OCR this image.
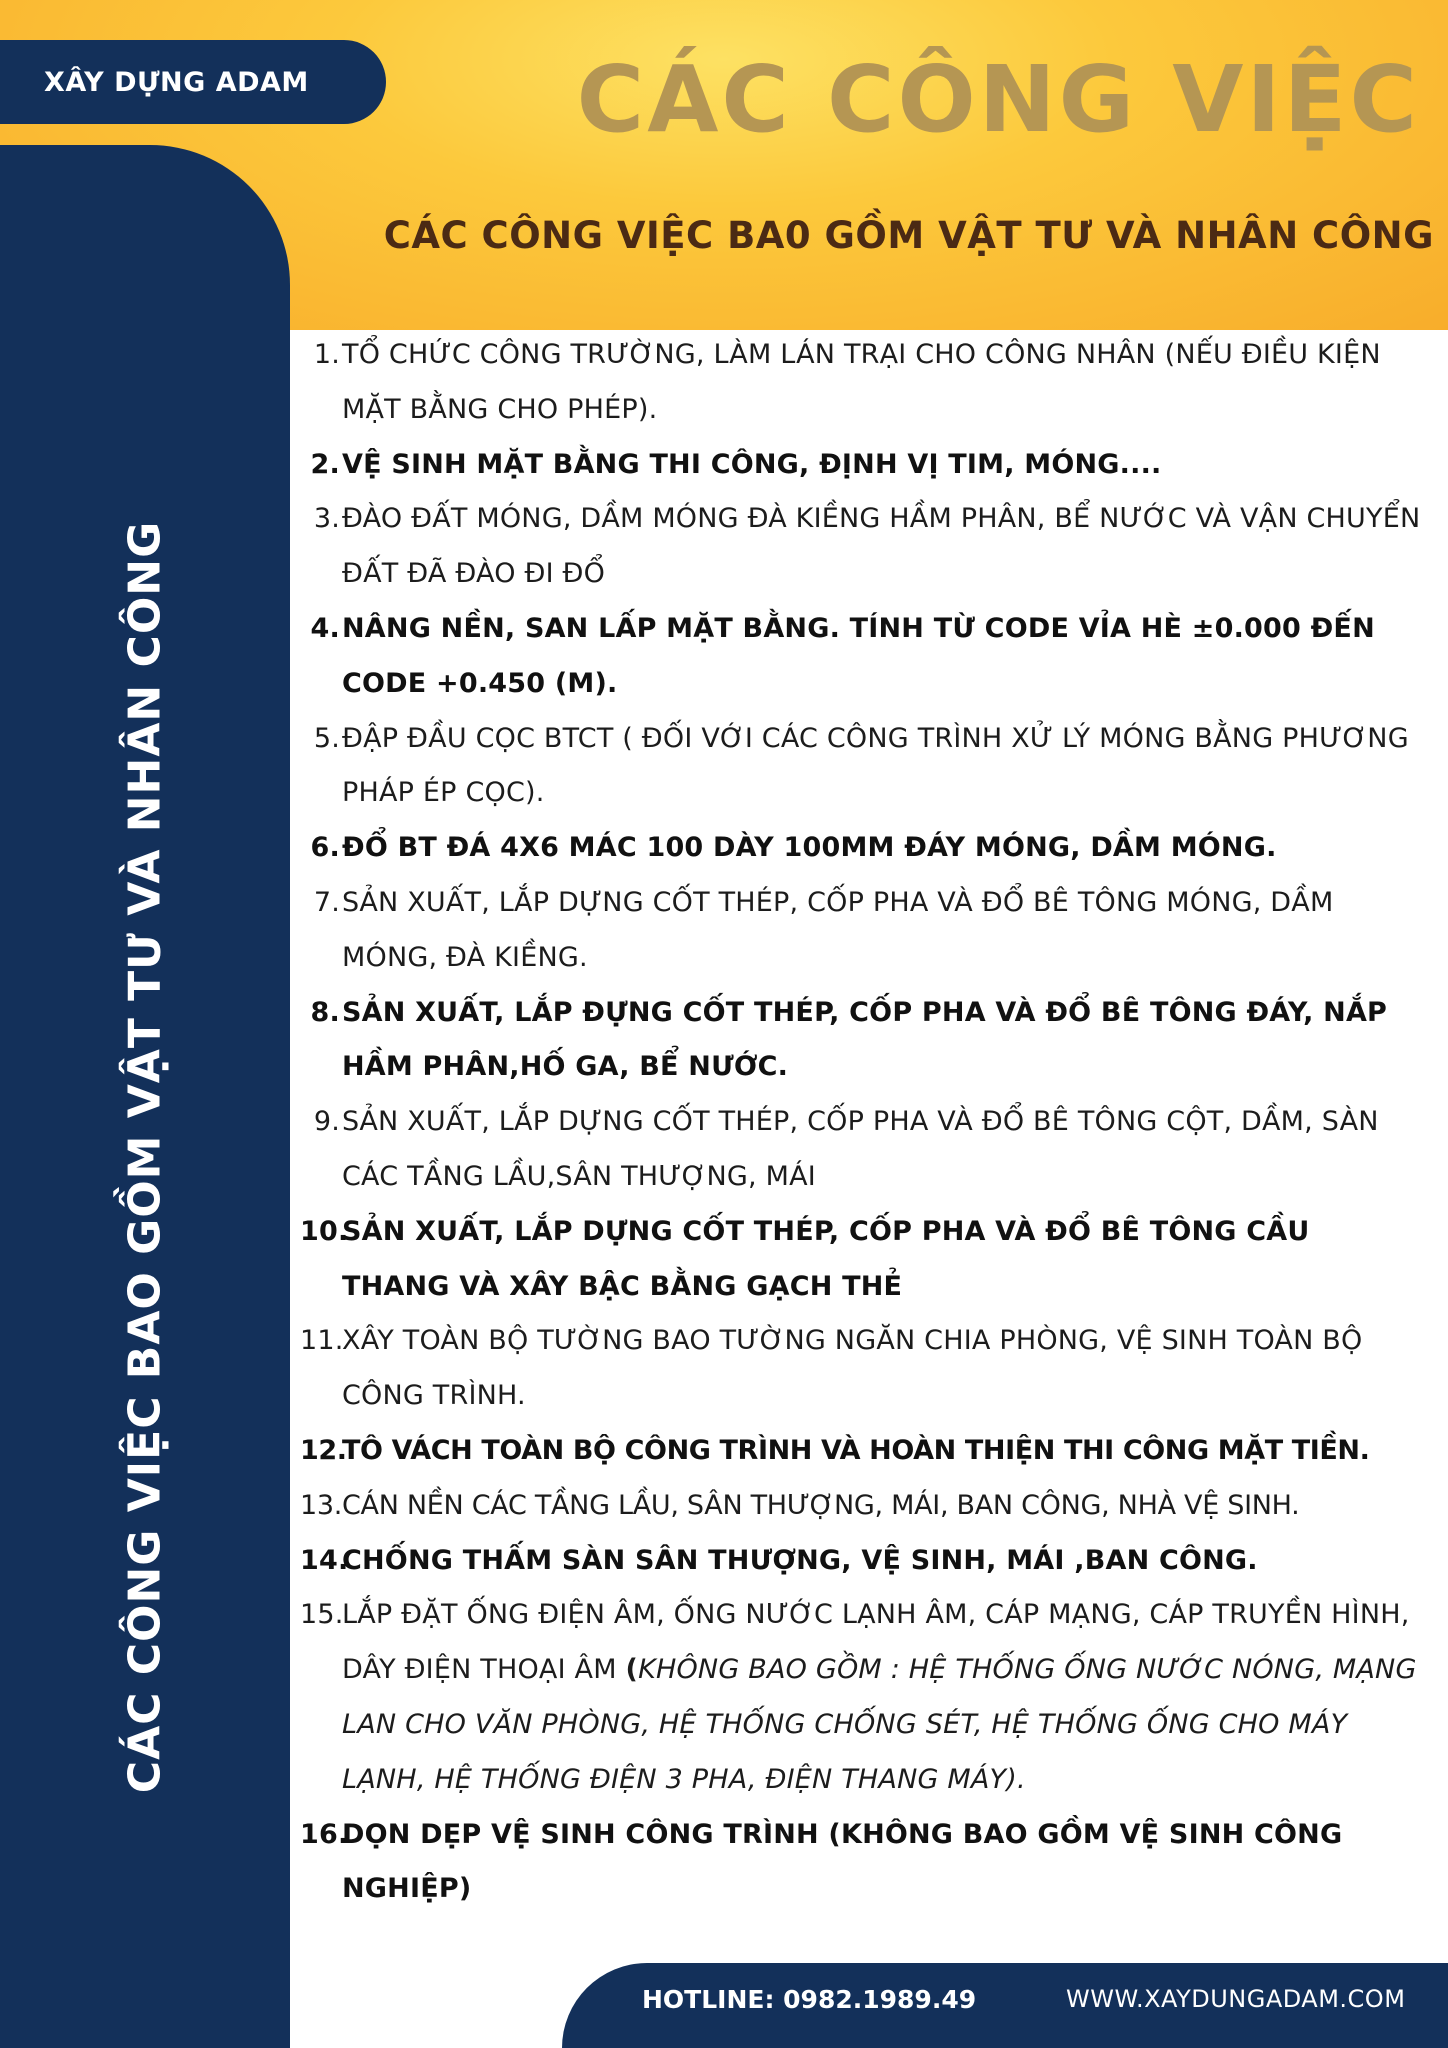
XÂY DỰNG ADAM	CÁC CÔNG VIỆC
CÁC CÔNG VIỆC BA0 GỒM VẬT TƯ VÀ NHÂN CÔNG
CÁC CÔNG VIỆC BAO GỒM VẬT TƯ VÀ NHÂN CÔNG
1. TỔ CHỨC CÔNG TRƯỜNG, LÀM LÁN TRẠI CHO CÔNG NHÂN (NẾU ĐIỀU KIỆN MẶT BẰNG CHO PHÉP).
2. VỆ SINH MẶT BẰNG THI CÔNG, ĐỊNH VỊ TIM, MÓNG....
3. ĐÀO ĐẤT MÓNG, DẦM MÓNG ĐÀ KIỀNG HẦM PHÂN, BỂ NƯỚC VÀ VẬN CHUYỂN ĐẤT ĐÃ ĐÀO ĐI ĐỔ
4. NÂNG NỀN, SAN LẤP MẶT BẰNG. TÍNH TỪ CODE VỈA HÈ ±0.000 ĐẾN CODE +0.450 (M).
5. ĐẬP ĐẦU CỌC BTCT ( ĐỐI VỚI CÁC CÔNG TRÌNH XỬ LÝ MÓNG BẰNG PHƯƠNG PHÁP ÉP CỌC).
6. ĐỔ BT ĐÁ 4X6 MÁC 100 DÀY 100MM ĐÁY MÓNG, DẦM MÓNG.
7. SẢN XUẤT, LẮP DỰNG CỐT THÉP, CỐP PHA VÀ ĐỔ BÊ TÔNG MÓNG, DẦM MÓNG, ĐÀ KIỀNG.
8. SẢN XUẤT, LẮP ĐỰNG CỐT THÉP, CỐP PHA VÀ ĐỔ BÊ TÔNG ĐÁY, NẮP HẦM PHÂN,HỐ GA, BỂ NƯỚC.
9. SẢN XUẤT, LẮP DỰNG CỐT THÉP, CỐP PHA VÀ ĐỔ BÊ TÔNG CỘT, DẦM, SÀN CÁC TẦNG LẦU,SÂN THƯỢNG, MÁI
10.
SẢN XUẤT, LẮP DỰNG CỐT THÉP, CỐP PHA VÀ ĐỔ BÊ TÔNG CẦU THANG VÀ XÂY BẬC BẰNG GẠCH THẺ
11.
XÂY TOÀN BỘ TƯỜNG BAO TƯỜNG NGĂN CHIA PHÒNG, VỆ SINH TOÀN BỘ CÔNG TRÌNH.
12.
TÔ VÁCH TOÀN BỘ CÔNG TRÌNH VÀ HOÀN THIỆN THI CÔNG MẶT TIỀN.
13. CÁN NỀN CÁC TẦNG LẦU, SÂN THƯỢNG, MÁI, BAN CÔNG, NHÀ VỆ SINH.
14.
CHỐNG THẤM SÀN SÂN THƯỢNG, VỆ SINH, MÁI ,BAN CÔNG.
15.
LẮP ĐẶT ỐNG ĐIỆN ÂM, ỐNG NƯỚC LẠNH ÂM, CÁP MẠNG, CÁP TRUYỀN HÌNH, DÂY ĐIỆN THOẠI ÂM (KHÔNG BAO GỒM : HỆ THỐNG ỐNG NƯỚC NÓNG, MẠNG LAN CHO VĂN PHÒNG, HỆ THỐNG CHỐNG SÉT, HỆ THỐNG ỐNG CHO MÁY LẠNH, HỆ THỐNG ĐIỆN 3 PHA, ĐIỆN THANG MÁY).
16.
DỌN DẸP VỆ SINH CÔNG TRÌNH (KHÔNG BAO GỒM VỆ SINH CÔNG NGHIỆP)
HOTLINE: 0982.1989.49	WWW.XAYDUNGADAM.COM
